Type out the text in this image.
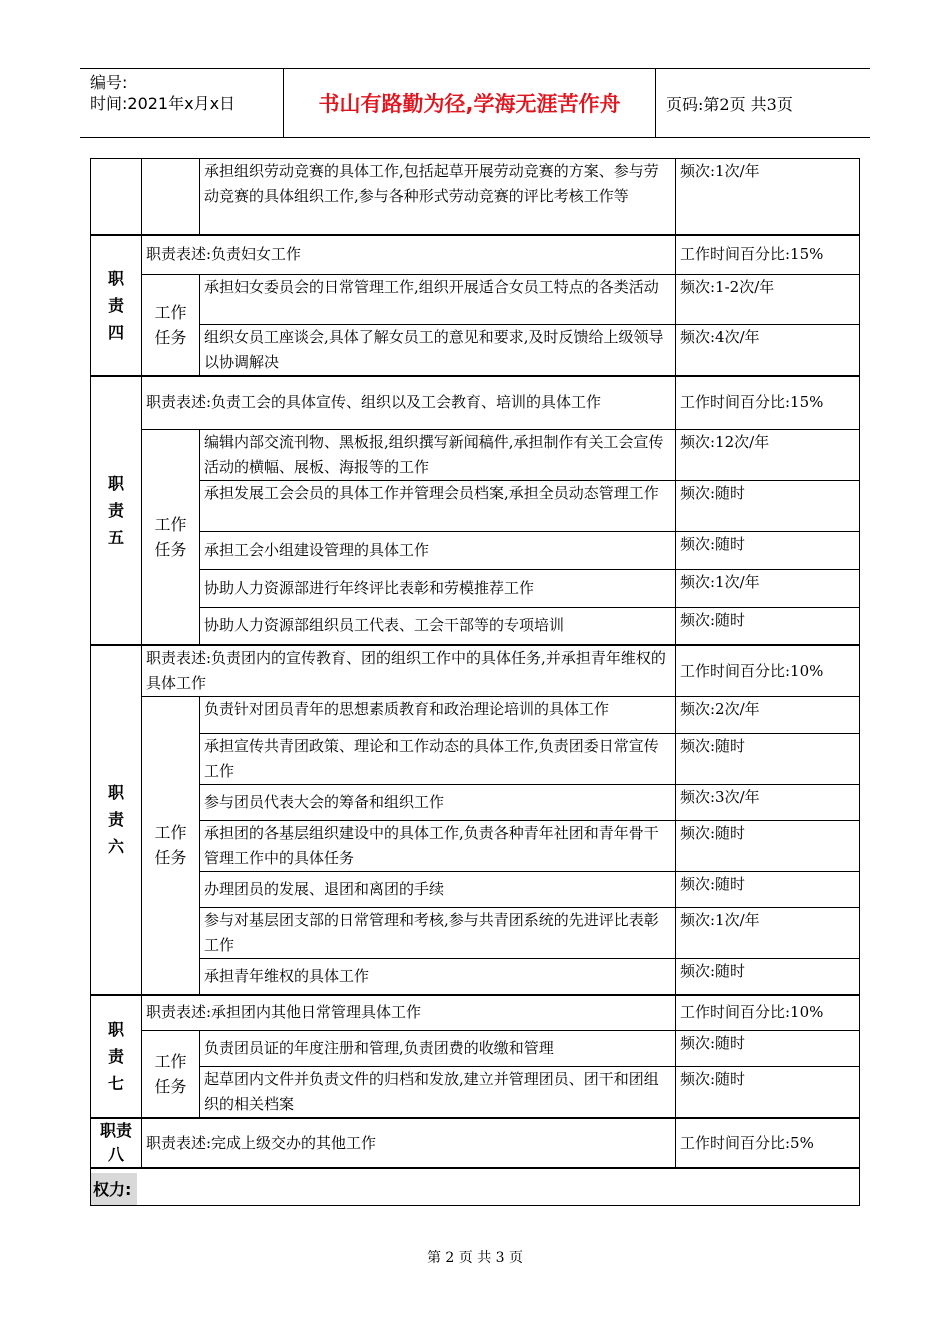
编号:
时间:2021年x月x日	书山有路勤为径,学海无涯苦作舟	页码:第2页 共3页
		承担组织劳动竞赛的具体工作,包括起草开展劳动竞赛的方案、参与劳动竞赛的具体组织工作,参与各种形式劳动竞赛的评比考核工作等	频次:1次/年
职责四	职责表述:负责妇女工作		工作时间百分比:15%
	工作任务	承担妇女委员会的日常管理工作,组织开展适合女员工特点的各类活动	频次:1-2次/年
		组织女员工座谈会,具体了解女员工的意见和要求,及时反馈给上级领导以协调解决	频次:4次/年
职责五	职责表述:负责工会的具体宣传、组织以及工会教育、培训的具体工作		工作时间百分比:15%
	工作任务	编辑内部交流刊物、黑板报,组织撰写新闻稿件,承担制作有关工会宣传活动的横幅、展板、海报等的工作	频次:12次/年
		承担发展工会会员的具体工作并管理会员档案,承担全员动态管理工作	频次:随时
		承担工会小组建设管理的具体工作	频次:随时
		协助人力资源部进行年终评比表彰和劳模推荐工作	频次:1次/年
		协助人力资源部组织员工代表、工会干部等的专项培训	频次:随时
职责六	职责表述:负责团内的宣传教育、团的组织工作中的具体任务,并承担青年维权的具体工作		工作时间百分比:10%
	工作任务	负责针对团员青年的思想素质教育和政治理论培训的具体工作	频次:2次/年
		承担宣传共青团政策、理论和工作动态的具体工作,负责团委日常宣传工作	频次:随时
		参与团员代表大会的筹备和组织工作	频次:3次/年
		承担团的各基层组织建设中的具体工作,负责各种青年社团和青年骨干管理工作中的具体任务	频次:随时
		办理团员的发展、退团和离团的手续	频次:随时
		参与对基层团支部的日常管理和考核,参与共青团系统的先进评比表彰工作	频次:1次/年
		承担青年维权的具体工作	频次:随时
职责七	职责表述:承担团内其他日常管理具体工作		工作时间百分比:10%
	工作任务	负责团员证的年度注册和管理,负责团费的收缴和管理	频次:随时
		起草团内文件并负责文件的归档和发放,建立并管理团员、团干和团组织的相关档案	频次:随时
职责八	职责表述:完成上级交办的其他工作		工作时间百分比:5%
权力:			
第 2 页 共 3 页
